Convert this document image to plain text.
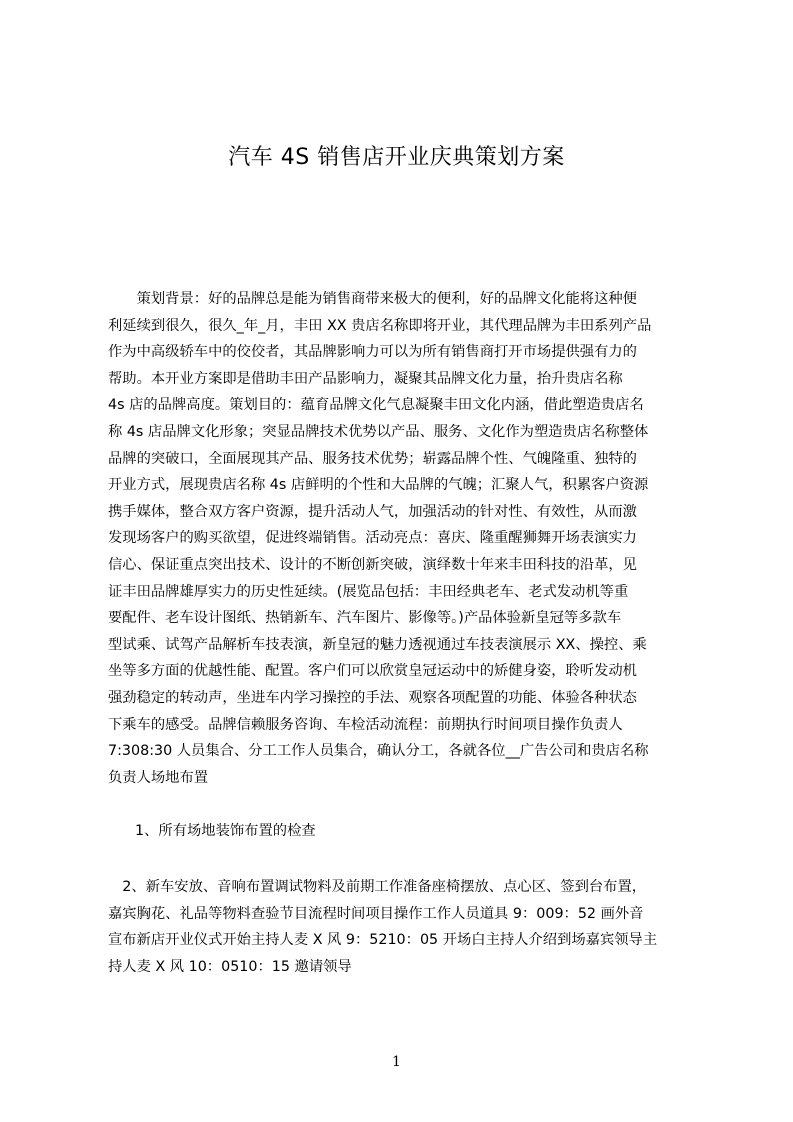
汽车 4S 销售店开业庆典策划方案
　　策划背景：好的品牌总是能为销售商带来极大的便利，好的品牌文化能将这种便
利延续到很久，很久_年_月，丰田 XX 贵店名称即将开业，其代理品牌为丰田系列产品
作为中高级轿车中的佼佼者，其品牌影响力可以为所有销售商打开市场提供强有力的
帮助。本开业方案即是借助丰田产品影响力，凝聚其品牌文化力量，抬升贵店名称
4s 店的品牌高度。策划目的：蕴育品牌文化气息凝聚丰田文化内涵，借此塑造贵店名
称 4s 店品牌文化形象；突显品牌技术优势以产品、服务、文化作为塑造贵店名称整体
品牌的突破口，全面展现其产品、服务技术优势；崭露品牌个性、气魄隆重、独特的
开业方式，展现贵店名称 4s 店鲜明的个性和大品牌的气魄；汇聚人气，积累客户资源
携手媒体，整合双方客户资源，提升活动人气，加强活动的针对性、有效性，从而激
发现场客户的购买欲望，促进终端销售。活动亮点：喜庆、隆重醒狮舞开场表演实力
信心、保证重点突出技术、设计的不断创新突破，演绎数十年来丰田科技的沿革，见
证丰田品牌雄厚实力的历史性延续。(展览品包括：丰田经典老车、老式发动机等重
要配件、老车设计图纸、热销新车、汽车图片、影像等。)产品体验新皇冠等多款车
型试乘、试驾产品解析车技表演，新皇冠的魅力透视通过车技表演展示 XX、操控、乘
坐等多方面的优越性能、配置。客户们可以欣赏皇冠运动中的矫健身姿，聆听发动机
强劲稳定的转动声，坐进车内学习操控的手法、观察各项配置的功能、体验各种状态
下乘车的感受。品牌信赖服务咨询、车检活动流程：前期执行时间项目操作负责人
7:308:30 人员集合、分工工作人员集合，确认分工，各就各位__广告公司和贵店名称
负责人场地布置
1、所有场地装饰布置的检查
　2、新车安放、音响布置调试物料及前期工作准备座椅摆放、点心区、签到台布置，
嘉宾胸花、礼品等物料查验节目流程时间项目操作工作人员道具 9：009：52 画外音
宣布新店开业仪式开始主持人麦 X 风 9：5210：05 开场白主持人介绍到场嘉宾领导主
持人麦 X 风 10：0510：15 邀请领导
1
